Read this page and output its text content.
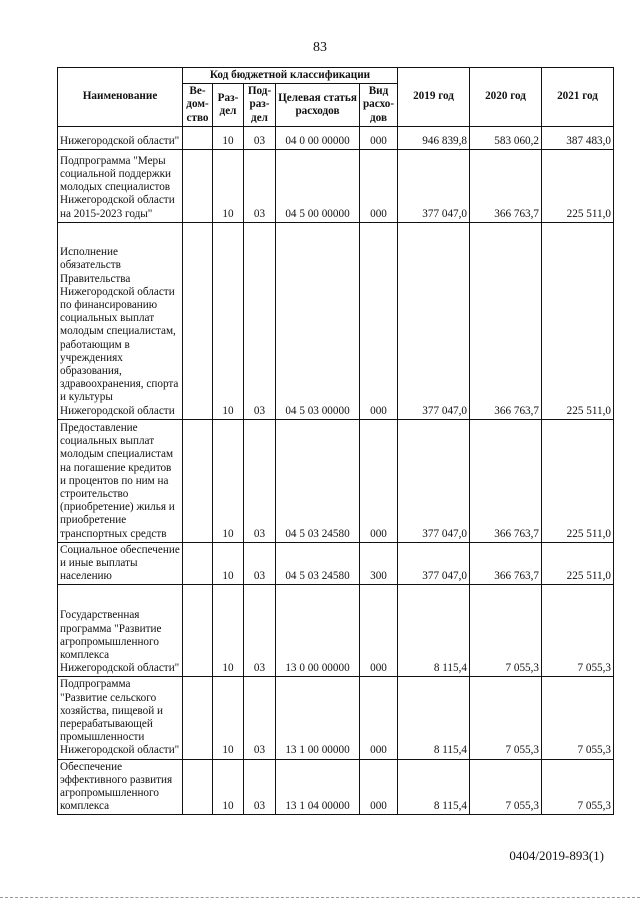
83
Наименование	Код бюджетной классификации					2019 год	2020 год	2021 год
	Ве-дом-ство	Раз-дел	Под-раз-дел	Целевая статья расходов	Вид расхо-дов			
Нижегородской области"		10	03	04 0 00 00000	000	946 839,8	583 060,2	387 483,0
Подпрограмма "Меры социальной поддержки молодых специалистов Нижегородской области на 2015-2023 годы"		10	03	04 5 00 00000	000	377 047,0	366 763,7	225 511,0
Исполнение обязательств Правительства Нижегородской области по финансированию социальных выплат молодым специалистам, работающим в учреждениях образования, здравоохранения, спорта и культуры Нижегородской области		10	03	04 5 03 00000	000	377 047,0	366 763,7	225 511,0
Предоставление социальных выплат молодым специалистам на погашение кредитов и процентов по ним на строительство (приобретение) жилья и приобретение транспортных средств		10	03	04 5 03 24580	000	377 047,0	366 763,7	225 511,0
Социальное обеспечение и иные выплаты населению		10	03	04 5 03 24580	300	377 047,0	366 763,7	225 511,0
Государственная программа "Развитие агропромышленного комплекса Нижегородской области"		10	03	13 0 00 00000	000	8 115,4	7 055,3	7 055,3
Подпрограмма "Развитие сельского хозяйства, пищевой и перерабатывающей промышленности Нижегородской области"		10	03	13 1 00 00000	000	8 115,4	7 055,3	7 055,3
Обеспечение эффективного развития агропромышленного комплекса		10	03	13 1 04 00000	000	8 115,4	7 055,3	7 055,3
0404/2019-893(1)
